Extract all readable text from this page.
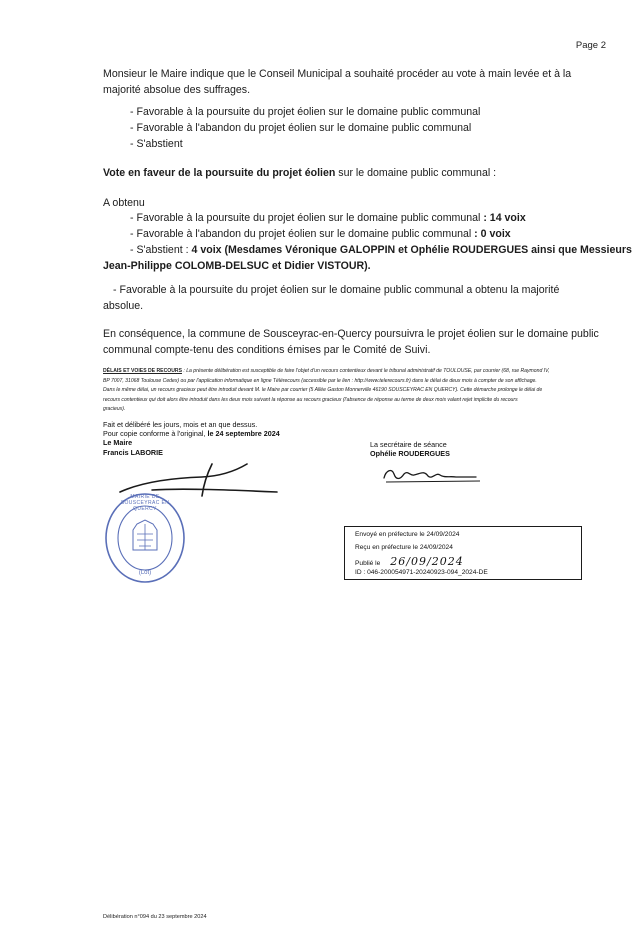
Page 2
Monsieur le Maire indique que le Conseil Municipal a souhaité procéder au vote à main levée et à la
majorité absolue des suffrages.
- Favorable à la poursuite du projet éolien sur le domaine public communal
- Favorable à l'abandon du projet éolien sur le domaine public communal
- S'abstient
Vote en faveur de la poursuite du projet éolien sur le domaine public communal :
A obtenu
- Favorable à la poursuite du projet éolien sur le domaine public communal : 14 voix
- Favorable à l'abandon du projet éolien sur le domaine public communal : 0 voix
- S'abstient : 4 voix (Mesdames Véronique GALOPPIN et Ophélie ROUDERGUES ainsi que Messieurs
Jean-Philippe COLOMB-DELSUC et Didier VISTOUR).
- Favorable à la poursuite du projet éolien sur le domaine public communal a obtenu la majorité
absolue.
En conséquence, la commune de Sousceyrac-en-Quercy poursuivra le projet éolien sur le domaine public
communal compte-tenu des conditions émises par le Comité de Suivi.
DÉLAIS ET VOIES DE RECOURS : La présente délibération est susceptible de faire l'objet d'un recours contentieux devant le tribunal administratif de TOULOUSE, par courrier (68, rue Raymond IV,
BP 7007, 31068 Toulouse Cedex) ou par l'application informatique en ligne Télérecours (accessible par le lien : http://www.telerecours.fr) dans le délai de deux mois à compter de son affichage.
Dans le même délai, un recours gracieux peut être introduit devant M. le Maire par courrier (5 Allée Gaston Monnerville 46190 SOUSCEYRAC EN QUERCY). Cette démarche prolonge le délai de
recours contentieux qui doit alors être introduit dans les deux mois suivant la réponse au recours gracieux (l'absence de réponse au terme de deux mois valant rejet implicite du recours
gracieux).
Fait et délibéré les jours, mois et an que dessus.
Pour copie conforme à l'original, le 24 septembre 2024
Le Maire
Francis LABORIE
La secrétaire de séance
Ophélie ROUDERGUES
MAIRIE DE SOUSCEYRAC EN QUERCY
(Lot)
Envoyé en préfecture le 24/09/2024
Reçu en préfecture le 24/09/2024
Publié le 26/09/2024
ID : 046-200054971-20240923-094_2024-DE
Délibération n°094 du 23 septembre 2024
